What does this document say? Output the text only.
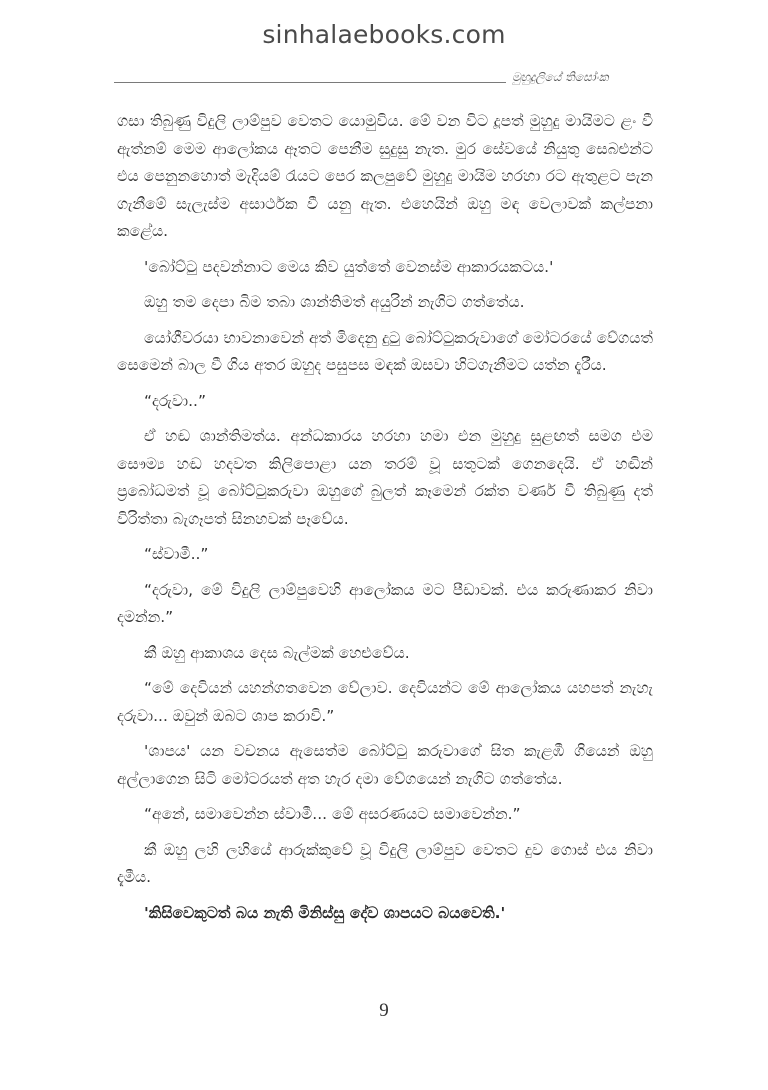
sinhalaebooks.com
මුහුදුලියේ තිසෝංක

ගසා තිබුණු විදුලි ලාම්පුව වෙතට යොමුවිය. මේ වන විට දූපත් මුහුදු මායිමට ළං වී ඇත්නම් මෙම ආලෝකය ඈතට පෙනීම සුදුසු නැත. මුර සේවයේ නියුතු සෙබළුන්ට එය පෙනුනහොත් මැදියම් රැයට පෙර කලපුවේ මුහුදු මායිම හරහා රට ඇතුළට පැන ගැනීමේ සැලැස්ම අසාර්ථක වී යනු ඇත. එහෙයින් ඔහු මඳ වෙලාවක් කල්පනා කළේය.

'බෝට්ටු පදවන්නාට මෙය කිව යුත්තේ වෙනස්ම ආකාරයකටය.'

ඔහු තම දෙපා බිම තබා ශාන්තිමත් අයුරින් නැගිට ගත්තේය.

යෝගීවරයා භාවනාවෙන් අත් මිදෙනු දුටු බෝට්ටුකරුවාගේ මෝටරයේ වේගයත් සෙමෙන් බාල වී ගිය අතර ඔහුද පසුපස මඳක් ඔසවා හිටගැනීමට යත්න දැරීය.

“දරුවා..”

ඒ හඬ ශාන්තිමත්ය. අන්ධකාරය හරහා හමා එන මුහුදු සුළඟත් සමග එම සෞම්‍ය හඬ හදවත කිලිපොළා යන තරම් වූ සතුටක් ගෙනදෙයි. ඒ හඬින් ප්‍රබෝධමත් වූ බෝට්ටුකරුවා ඔහුගේ බුලත් කෑමෙන් රක්ත වර්ණ වී තිබුණු දත් විරිත්තා බැගෑපත් සිනහවක් පෑවේය.

“ස්වාමී..”

“දරුවා, මේ විදුලි ලාම්පුවෙහි ආලෝකය මට පීඩාවක්. එය කරුණාකර නිවා දමන්න.”

කී ඔහු ආකාශය දෙස බැල්මක් හෙළුවේය.

“මේ දෙවියන් යහන්ගතවෙන වේලාව. දෙවියන්ට මේ ආලෝකය යහපත් නැහැ දරුවා... ඔවුන් ඔබට ශාප කරාවි.”

'ශාපය' යන වචනය ඇසෙත්ම බෝට්ටු කරුවාගේ සිත කැළඹී ගියෙන් ඔහු අල්ලාගෙන සිටි මෝටරයත් අත හැර දමා වේගයෙන් නැගිට ගත්තේය.

“අනේ, සමාවෙන්න ස්වාමී... මේ අසරණයට සමාවෙන්න.”

කී ඔහු ලහි ලහියේ ආරුක්කුවේ වූ විදුලි ලාම්පුව වෙතට දුව ගොස් එය නිවා දැමීය.

'කිසිවෙකුටත් බය නැති මිනිස්සු දේව ශාපයට බයවෙති.'

9
